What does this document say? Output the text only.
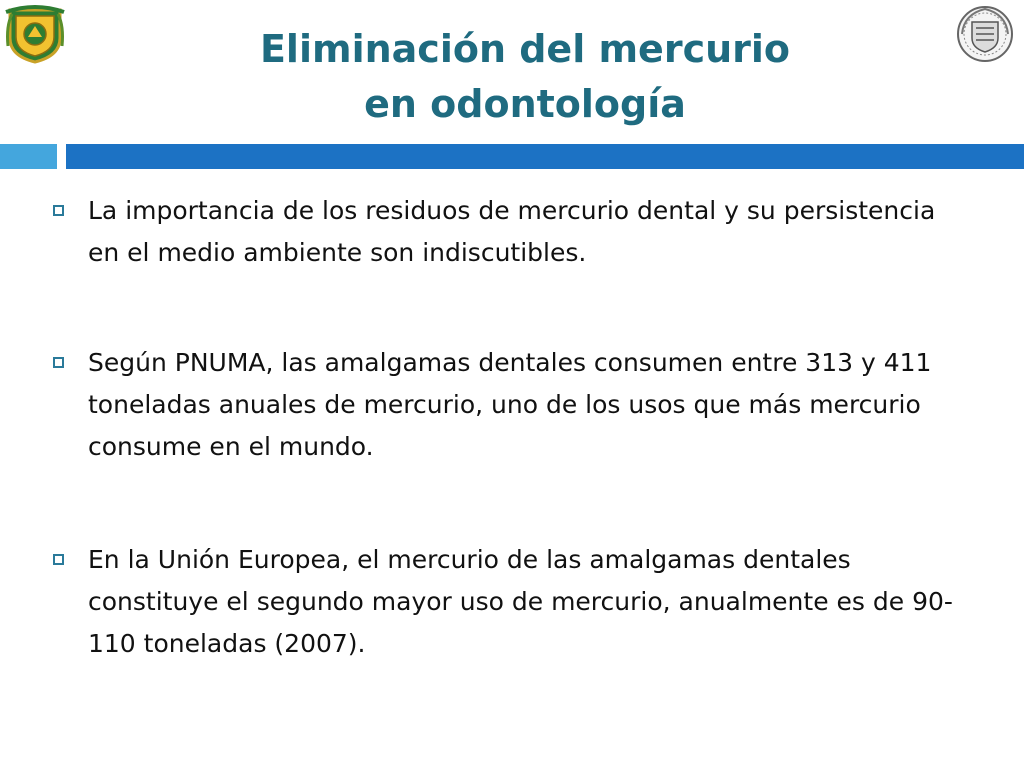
Eliminación del mercurio
en odontología
La importancia de los residuos de mercurio dental y su persistencia en el medio ambiente son indiscutibles.
Según PNUMA, las amalgamas dentales consumen entre 313 y 411 toneladas anuales de mercurio, uno de los usos que más mercurio consume en el mundo.
En la Unión Europea, el mercurio de las amalgamas dentales constituye el segundo mayor uso de mercurio, anualmente es de 90-110 toneladas (2007).
